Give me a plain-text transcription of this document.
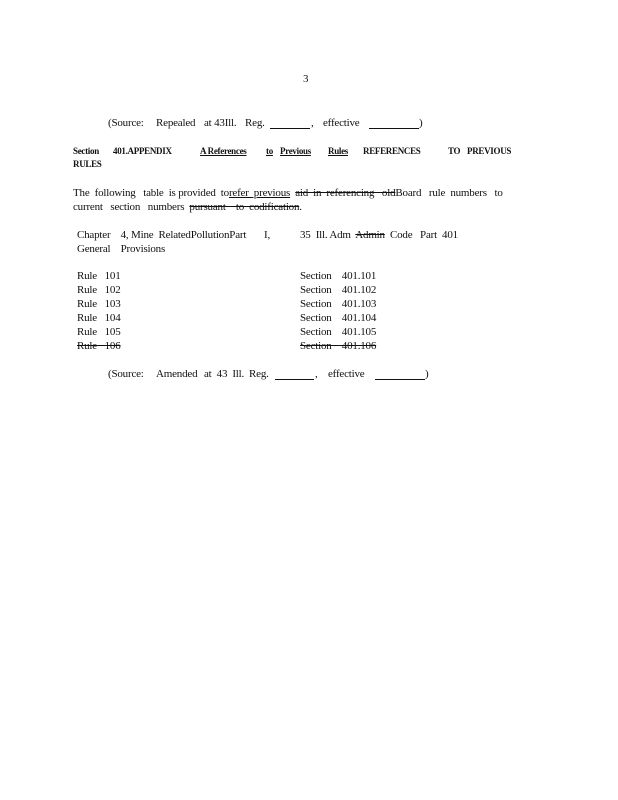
3
(Source: Repealed at 43Ill. Reg.	, effective	)
Section 401.APPENDIX	A References to Previous Rules REFERENCES	TO PREVIOUS
RULES
The  following   table  is provided  torefer  previous aid  in  referencing   oldBoard   rule  numbers   to
current   section   numbers pursuant    to  codification.
Chapter    4, Mine  RelatedPollutionPart       I,
General    Provisions
35  Ill. Adm Admin Code   Part  401
Rule   101	Section    401.101
Rule   102	Section    401.102
Rule   103	Section    401.103
Rule   104	Section    401.104
Rule   105	Section    401.105
Rule   106	Section    401.106
(Source: Amended at  43  Ill. Reg.	, effective	)
